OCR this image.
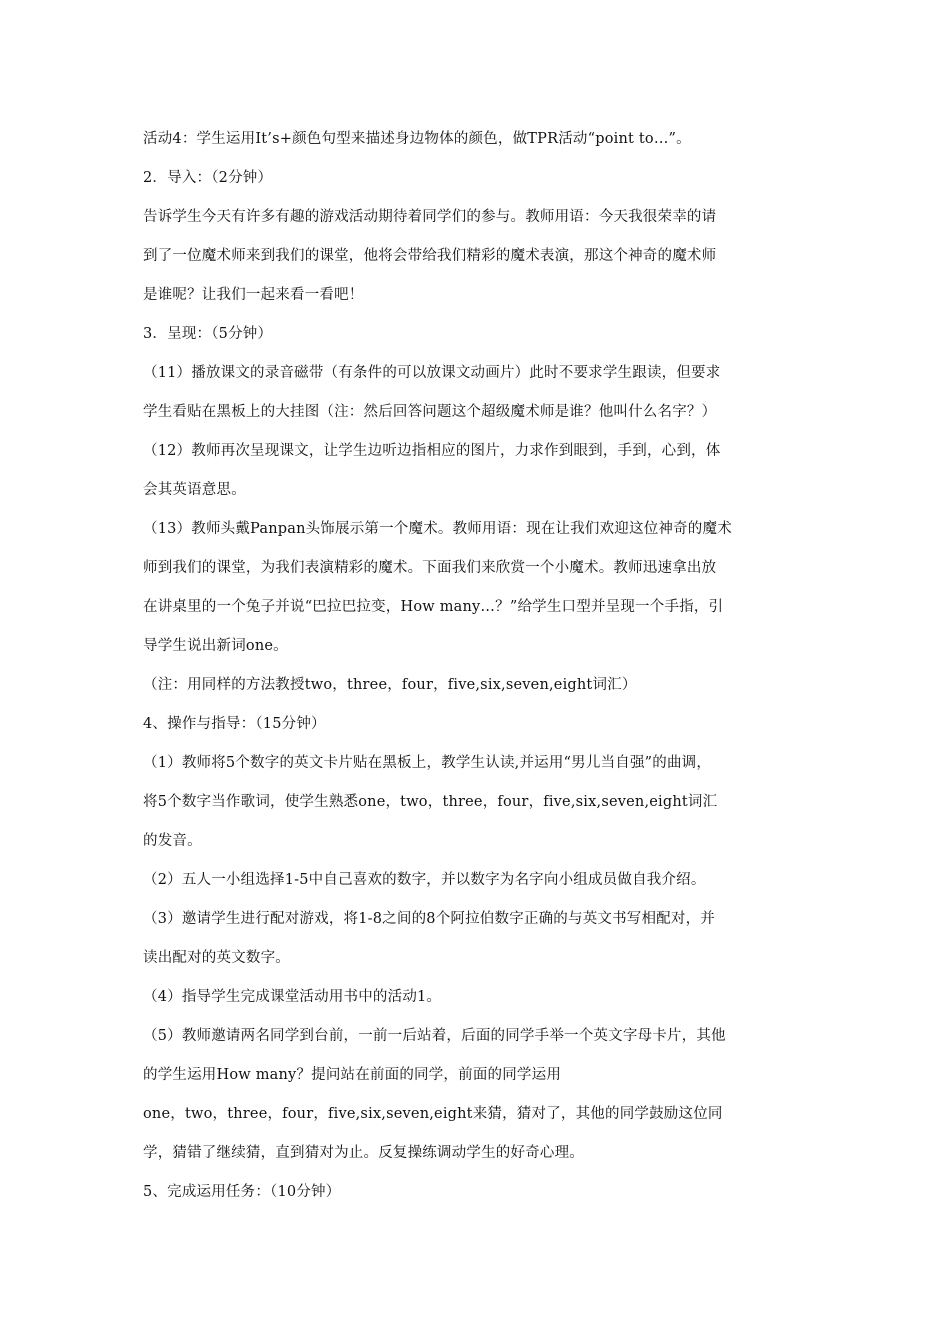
活动4：学生运用It’s+颜色句型来描述身边物体的颜色，做TPR活动“point to…”。

2．导入：（2分钟）

告诉学生今天有许多有趣的游戏活动期待着同学们的参与。教师用语：今天我很荣幸的请

到了一位魔术师来到我们的课堂，他将会带给我们精彩的魔术表演，那这个神奇的魔术师

是谁呢？让我们一起来看一看吧！

3．呈现：（5分钟）

（11）播放课文的录音磁带（有条件的可以放课文动画片）此时不要求学生跟读，但要求

学生看贴在黑板上的大挂图（注：然后回答问题这个超级魔术师是谁？他叫什么名字？）

（12）教师再次呈现课文，让学生边听边指相应的图片，力求作到眼到，手到，心到，体

会其英语意思。

（13）教师头戴Panpan头饰展示第一个魔术。教师用语：现在让我们欢迎这位神奇的魔术

师到我们的课堂，为我们表演精彩的魔术。下面我们来欣赏一个小魔术。教师迅速拿出放

在讲桌里的一个兔子并说“巴拉巴拉变，How many…？”给学生口型并呈现一个手指，引

导学生说出新词one。

（注：用同样的方法教授two，three，four，five,six,seven,eight词汇）

4、操作与指导：（15分钟）

（1）教师将5个数字的英文卡片贴在黑板上，教学生认读,并运用“男儿当自强”的曲调，

将5个数字当作歌词，使学生熟悉one，two，three，four，five,six,seven,eight词汇

的发音。

（2）五人一小组选择1-5中自己喜欢的数字，并以数字为名字向小组成员做自我介绍。

（3）邀请学生进行配对游戏，将1-8之间的8个阿拉伯数字正确的与英文书写相配对，并

读出配对的英文数字。

（4）指导学生完成课堂活动用书中的活动1。

（5）教师邀请两名同学到台前，一前一后站着，后面的同学手举一个英文字母卡片，其他

的学生运用How many？提问站在前面的同学，前面的同学运用

one，two，three，four，five,six,seven,eight来猜，猜对了，其他的同学鼓励这位同

学，猜错了继续猜，直到猜对为止。反复操练调动学生的好奇心理。

5、完成运用任务：（10分钟）
